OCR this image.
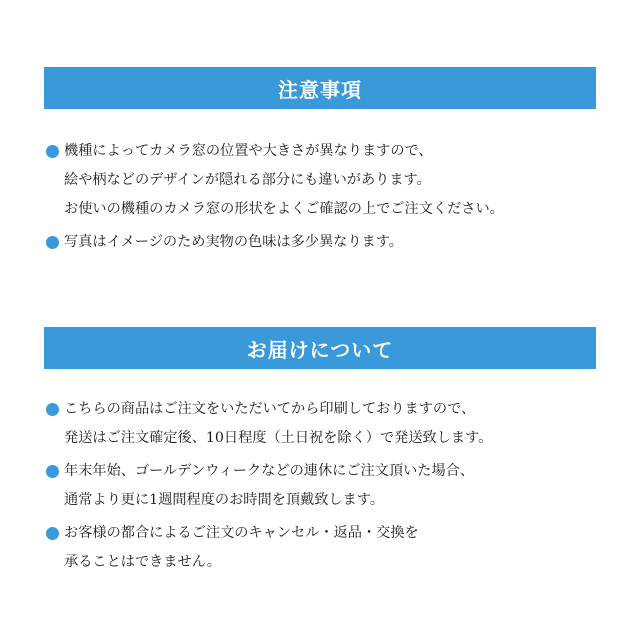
注意事項
機種によってカメラ窓の位置や大きさが異なりますので、
絵や柄などのデザインが隠れる部分にも違いがあります。
お使いの機種のカメラ窓の形状をよくご確認の上でご注文ください。
写真はイメージのため実物の色味は多少異なります。
お届けについて
こちらの商品はご注文をいただいてから印刷しておりますので、
発送はご注文確定後、10日程度（土日祝を除く）で発送致します。
年末年始、ゴールデンウィークなどの連休にご注文頂いた場合、
通常より更に1週間程度のお時間を頂戴致します。
お客様の都合によるご注文のキャンセル・返品・交換を
承ることはできません。
